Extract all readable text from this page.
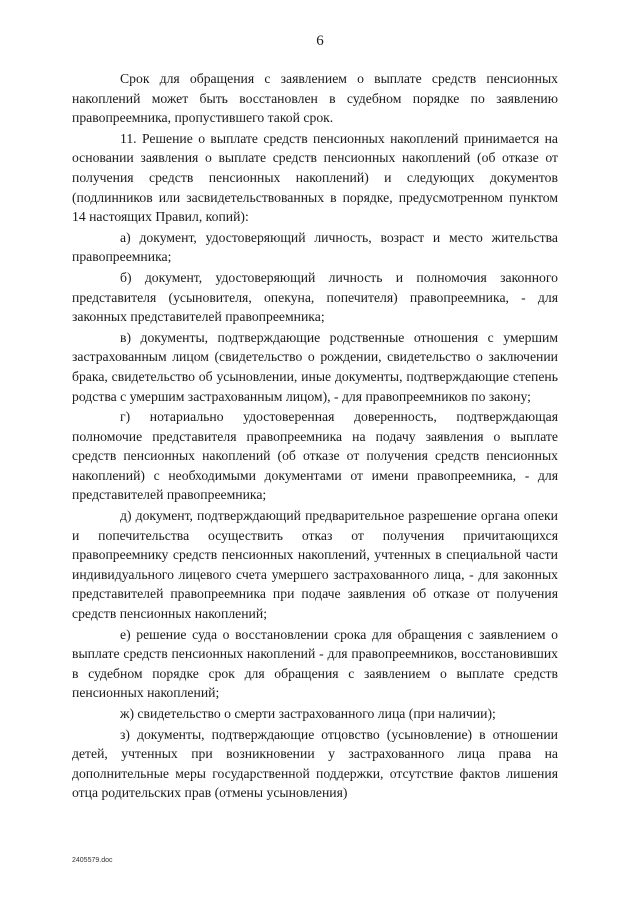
6

Срок для обращения с заявлением о выплате средств пенсионных накоплений может быть восстановлен в судебном порядке по заявлению правопреемника, пропустившего такой срок.

11. Решение о выплате средств пенсионных накоплений принимается на основании заявления о выплате средств пенсионных накоплений (об отказе от получения средств пенсионных накоплений) и следующих документов (подлинников или засвидетельствованных в порядке, предусмотренном пунктом 14 настоящих Правил, копий):

а) документ, удостоверяющий личность, возраст и место жительства правопреемника;

б) документ, удостоверяющий личность и полномочия законного представителя (усыновителя, опекуна, попечителя) правопреемника, - для законных представителей правопреемника;

в) документы, подтверждающие родственные отношения с умершим застрахованным лицом (свидетельство о рождении, свидетельство о заключении брака, свидетельство об усыновлении, иные документы, подтверждающие степень родства с умершим застрахованным лицом), - для правопреемников по закону;

г) нотариально удостоверенная доверенность, подтверждающая полномочие представителя правопреемника на подачу заявления о выплате средств пенсионных накоплений (об отказе от получения средств пенсионных накоплений) с необходимыми документами от имени правопреемника, - для представителей правопреемника;

д) документ, подтверждающий предварительное разрешение органа опеки и попечительства осуществить отказ от получения причитающихся правопреемнику средств пенсионных накоплений, учтенных в специальной части индивидуального лицевого счета умершего застрахованного лица, - для законных представителей правопреемника при подаче заявления об отказе от получения средств пенсионных накоплений;

е) решение суда о восстановлении срока для обращения с заявлением о выплате средств пенсионных накоплений - для правопреемников, восстановивших в судебном порядке срок для обращения с заявлением о выплате средств пенсионных накоплений;

ж) свидетельство о смерти застрахованного лица (при наличии);

з) документы, подтверждающие отцовство (усыновление) в отношении детей, учтенных при возникновении у застрахованного лица права на дополнительные меры государственной поддержки, отсутствие фактов лишения отца родительских прав (отмены усыновления)

2405579.doc
